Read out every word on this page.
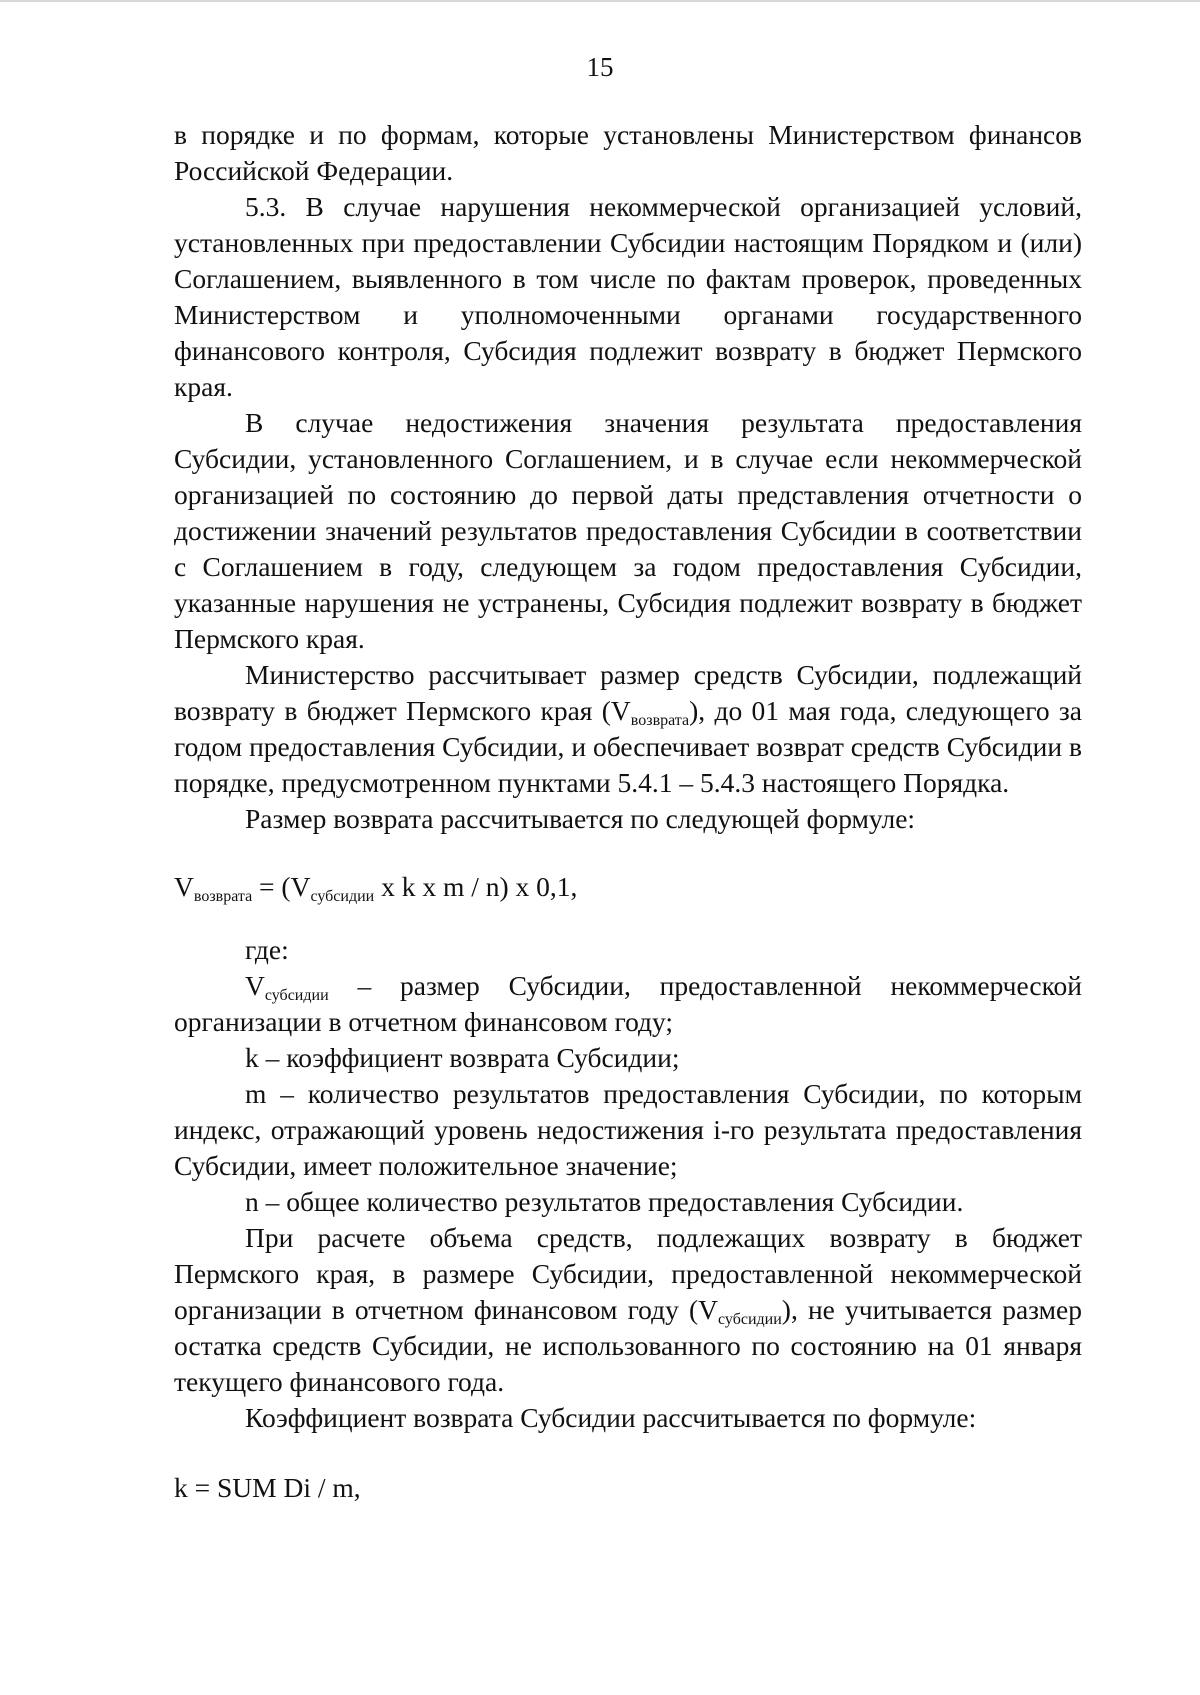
15

в порядке и по формам, которые установлены Министерством финансов Российской Федерации.

5.3. В случае нарушения некоммерческой организацией условий, установленных при предоставлении Субсидии настоящим Порядком и (или) Соглашением, выявленного в том числе по фактам проверок, проведенных Министерством и уполномоченными органами государственного финансового контроля, Субсидия подлежит возврату в бюджет Пермского края.

В случае недостижения значения результата предоставления Субсидии, установленного Соглашением, и в случае если некоммерческой организацией по состоянию до первой даты представления отчетности о достижении значений результатов предоставления Субсидии в соответствии с Соглашением в году, следующем за годом предоставления Субсидии, указанные нарушения не устранены, Субсидия подлежит возврату в бюджет Пермского края.

Министерство рассчитывает размер средств Субсидии, подлежащий возврату в бюджет Пермского края $(V_{возврата})$, до 01 мая года, следующего за годом предоставления Субсидии, и обеспечивает возврат средств Субсидии в порядке, предусмотренном пунктами 5.4.1 – 5.4.3 настоящего Порядка.

Размер возврата рассчитывается по следующей формуле:

$V_{возврата} = (V_{субсидии}$ x k x m / n) x 0,1,

где:

$V_{субсидии}$ – размер Субсидии, предоставленной некоммерческой организации в отчетном финансовом году;

k – коэффициент возврата Субсидии;

m – количество результатов предоставления Субсидии, по которым индекс, отражающий уровень недостижения i-го результата предоставления Субсидии, имеет положительное значение;

n – общее количество результатов предоставления Субсидии.

При расчете объема средств, подлежащих возврату в бюджет Пермского края, в размере Субсидии, предоставленной некоммерческой организации в отчетном финансовом году $(V_{субсидии})$, не учитывается размер остатка средств Субсидии, не использованного по состоянию на 01 января текущего финансового года.

Коэффициент возврата Субсидии рассчитывается по формуле:

k = SUM Di / m,
